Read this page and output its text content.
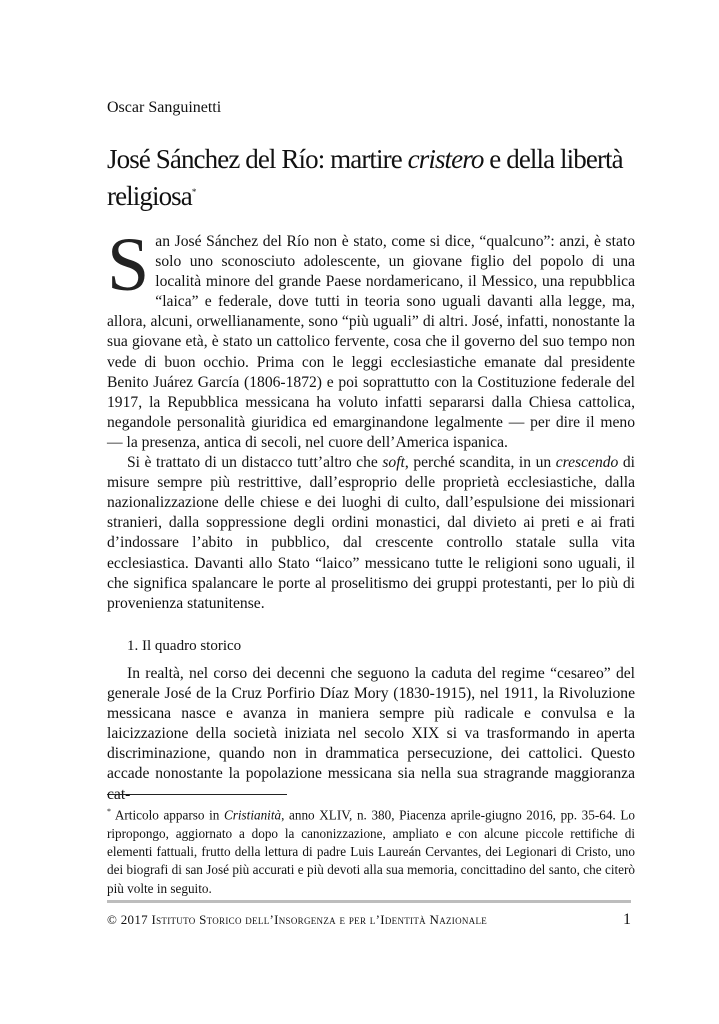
Oscar Sanguinetti
José Sánchez del Río: martire cristero e della libertà religiosa*

San José Sánchez del Río non è stato, come si dice, “qualcuno”: anzi, è stato solo uno sconosciuto adolescente, un giovane figlio del popolo di una località minore del grande Paese nordamericano, il Messico, una repubblica “laica” e federale, dove tutti in teoria sono uguali davanti alla legge, ma, allora, alcuni, orwellianamente, sono “più uguali” di altri. José, infatti, nonostante la sua giovane età, è stato un cattolico fervente, cosa che il governo del suo tempo non vede di buon occhio. Prima con le leggi ecclesiastiche emanate dal presidente Benito Juárez García (1806-1872) e poi soprattutto con la Costituzione federale del 1917, la Repubblica messicana ha voluto infatti separarsi dalla Chiesa cattolica, negandole personalità giuridica ed emarginandone legalmente — per dire il meno — la presenza, antica di secoli, nel cuore dell’America ispanica.

Si è trattato di un distacco tutt’altro che soft, perché scandita, in un crescendo di misure sempre più restrittive, dall’esproprio delle proprietà ecclesiastiche, dalla nazionalizzazione delle chiese e dei luoghi di culto, dall’espulsione dei missionari stranieri, dalla soppressione degli ordini monastici, dal divieto ai preti e ai frati d’indossare l’abito in pubblico, dal crescente controllo statale sulla vita ecclesiastica. Davanti allo Stato “laico” messicano tutte le religioni sono uguali, il che significa spalancare le porte al proselitismo dei gruppi protestanti, per lo più di provenienza statunitense.

1. Il quadro storico

In realtà, nel corso dei decenni che seguono la caduta del regime “cesareo” del generale José de la Cruz Porfirio Díaz Mory (1830-1915), nel 1911, la Rivoluzione messicana nasce e avanza in maniera sempre più radicale e convulsa e la laicizzazione della società iniziata nel secolo XIX si va trasformando in aperta discriminazione, quando non in drammatica persecuzione, dei cattolici. Questo accade nonostante la popolazione messicana sia nella sua stragrande maggioranza cat-

* Articolo apparso in Cristianità, anno XLIV, n. 380, Piacenza aprile-giugno 2016, pp. 35-64. Lo ripropongo, aggiornato a dopo la canonizzazione, ampliato e con alcune piccole rettifiche di elementi fattuali, frutto della lettura di padre Luis Laureán Cervantes, dei Legionari di Cristo, uno dei biografi di san José più accurati e più devoti alla sua memoria, concittadino del santo, che citerò più volte in seguito.
© 2017 Istituto Storico dell’Insorgenza e per l’Identità Nazionale	1
